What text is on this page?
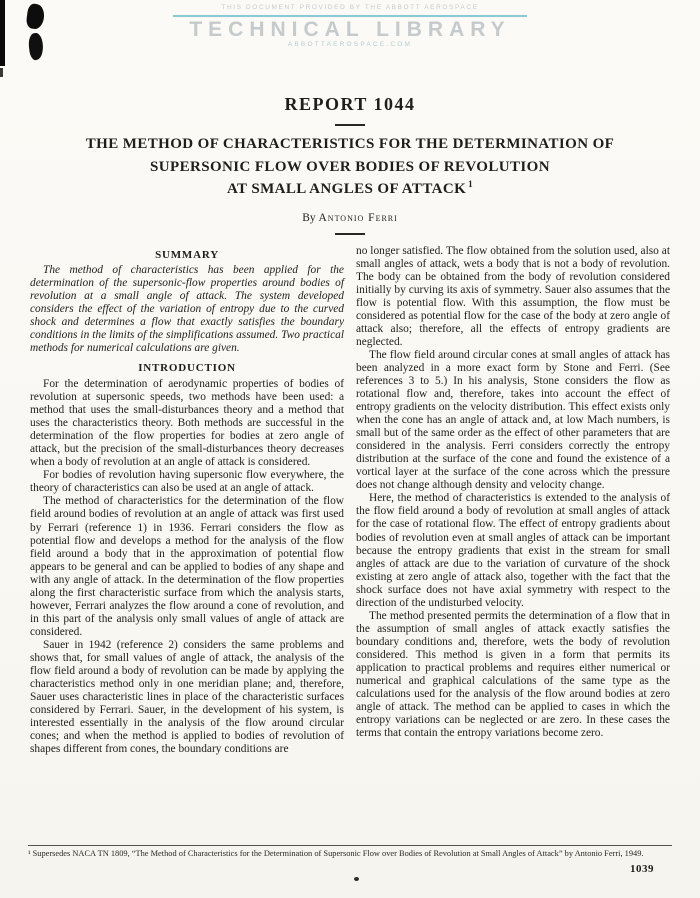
THIS DOCUMENT PROVIDED BY THE ABBOTT AEROSPACE
TECHNICAL LIBRARY
ABBOTTAEROSPACE.COM
REPORT 1044
THE METHOD OF CHARACTERISTICS FOR THE DETERMINATION OF
SUPERSONIC FLOW OVER BODIES OF REVOLUTION
AT SMALL ANGLES OF ATTACK $^1$
By Antonio Ferri
SUMMARY

The method of characteristics has been applied for the determination of the supersonic-flow properties around bodies of revolution at a small angle of attack. The system developed considers the effect of the variation of entropy due to the curved shock and determines a flow that exactly satisfies the boundary conditions in the limits of the simplifications assumed. Two practical methods for numerical calculations are given.

INTRODUCTION

For the determination of aerodynamic properties of bodies of revolution at supersonic speeds, two methods have been used: a method that uses the small-disturbances theory and a method that uses the characteristics theory. Both methods are successful in the determination of the flow properties for bodies at zero angle of attack, but the precision of the small-disturbances theory decreases when a body of revolution at an angle of attack is considered.

For bodies of revolution having supersonic flow everywhere, the theory of characteristics can also be used at an angle of attack.

The method of characteristics for the determination of the flow field around bodies of revolution at an angle of attack was first used by Ferrari (reference 1) in 1936. Ferrari considers the flow as potential flow and develops a method for the analysis of the flow field around a body that in the approximation of potential flow appears to be general and can be applied to bodies of any shape and with any angle of attack. In the determination of the flow properties along the first characteristic surface from which the analysis starts, however, Ferrari analyzes the flow around a cone of revolution, and in this part of the analysis only small values of angle of attack are considered.

Sauer in 1942 (reference 2) considers the same problems and shows that, for small values of angle of attack, the analysis of the flow field around a body of revolution can be made by applying the characteristics method only in one meridian plane; and, therefore, Sauer uses characteristic lines in place of the characteristic surfaces considered by Ferrari. Sauer, in the development of his system, is interested essentially in the analysis of the flow around circular cones; and when the method is applied to bodies of revolution of shapes different from cones, the boundary conditions are

no longer satisfied. The flow obtained from the solution used, also at small angles of attack, wets a body that is not a body of revolution. The body can be obtained from the body of revolution considered initially by curving its axis of symmetry. Sauer also assumes that the flow is potential flow. With this assumption, the flow must be considered as potential flow for the case of the body at zero angle of attack also; therefore, all the effects of entropy gradients are neglected.

The flow field around circular cones at small angles of attack has been analyzed in a more exact form by Stone and Ferri. (See references 3 to 5.) In his analysis, Stone considers the flow as rotational flow and, therefore, takes into account the effect of entropy gradients on the velocity distribution. This effect exists only when the cone has an angle of attack and, at low Mach numbers, is small but of the same order as the effect of other parameters that are considered in the analysis. Ferri considers correctly the entropy distribution at the surface of the cone and found the existence of a vortical layer at the surface of the cone across which the pressure does not change although density and velocity change.

Here, the method of characteristics is extended to the analysis of the flow field around a body of revolution at small angles of attack for the case of rotational flow. The effect of entropy gradients about bodies of revolution even at small angles of attack can be important because the entropy gradients that exist in the stream for small angles of attack are due to the variation of curvature of the shock existing at zero angle of attack also, together with the fact that the shock surface does not have axial symmetry with respect to the direction of the undisturbed velocity.

The method presented permits the determination of a flow that in the assumption of small angles of attack exactly satisfies the boundary conditions and, therefore, wets the body of revolution considered. This method is given in a form that permits its application to practical problems and requires either numerical or numerical and graphical calculations of the same type as the calculations used for the analysis of the flow around bodies at zero angle of attack. The method can be applied to cases in which the entropy variations can be neglected or are zero. In these cases the terms that contain the entropy variations become zero.

¹ Supersedes NACA TN 1809, “The Method of Characteristics for the Determination of Supersonic Flow over Bodies of Revolution at Small Angles of Attack” by Antonio Ferri, 1949.

1039
